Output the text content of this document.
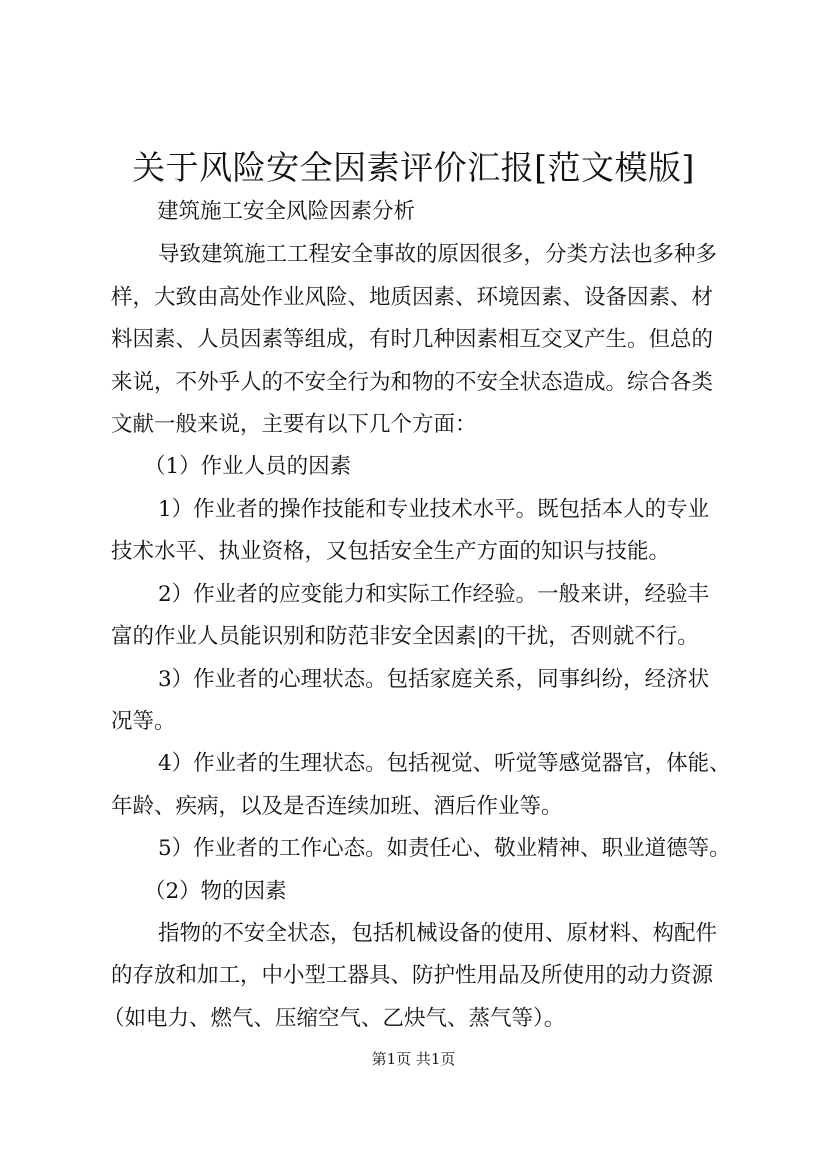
关于风险安全因素评价汇报[范文模版]
建筑施工安全风险因素分析
导致建筑施工工程安全事故的原因很多，分类方法也多种多
样，大致由高处作业风险、地质因素、环境因素、设备因素、材
料因素、人员因素等组成，有时几种因素相互交叉产生。但总的
来说，不外乎人的不安全行为和物的不安全状态造成。综合各类
文献一般来说，主要有以下几个方面：
（1）作业人员的因素
1）作业者的操作技能和专业技术水平。既包括本人的专业
技术水平、执业资格，又包括安全生产方面的知识与技能。
2）作业者的应变能力和实际工作经验。一般来讲，经验丰
富的作业人员能识别和防范非安全因素|的干扰，否则就不行。
3）作业者的心理状态。包括家庭关系，同事纠纷，经济状
况等。
4）作业者的生理状态。包括视觉、听觉等感觉器官，体能、
年龄、疾病，以及是否连续加班、酒后作业等。
5）作业者的工作心态。如责任心、敬业精神、职业道德等。
（2）物的因素
指物的不安全状态，包括机械设备的使用、原材料、构配件
的存放和加工，中小型工器具、防护性用品及所使用的动力资源
（如电力、燃气、压缩空气、乙炔气、蒸气等）。
第1页 共1页
